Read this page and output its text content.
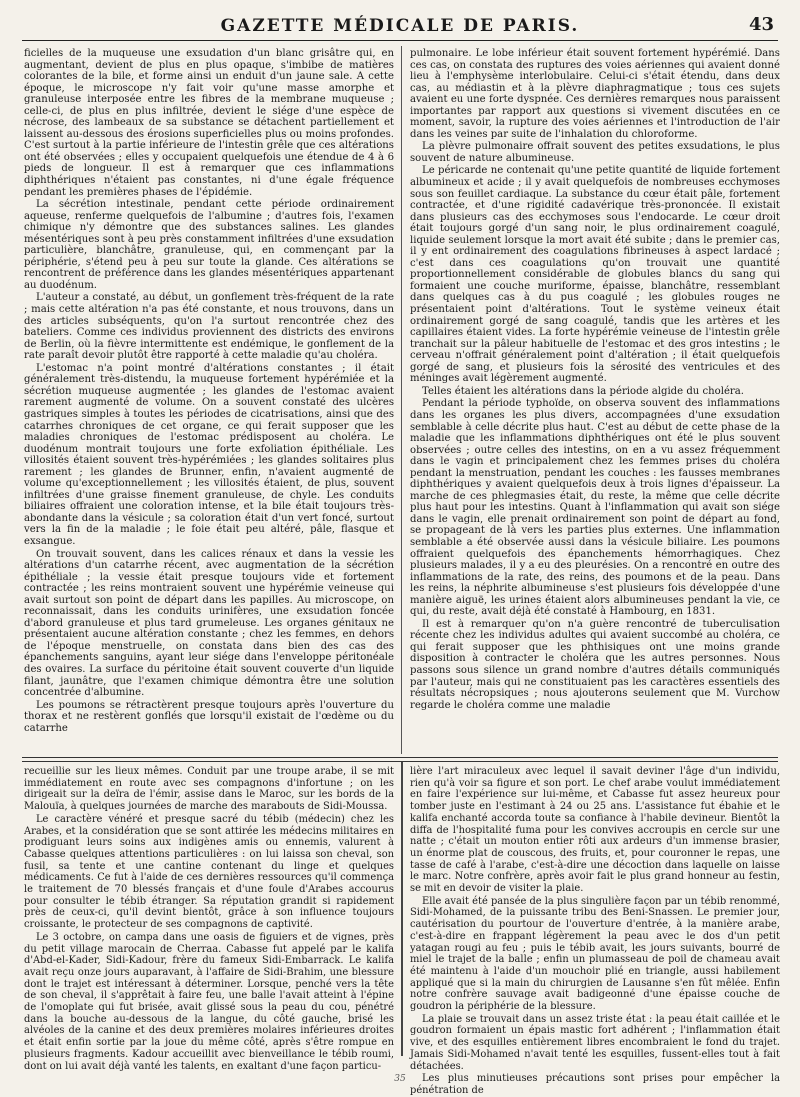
GAZETTE MÉDICALE DE PARIS.	43

ficielles de la muqueuse une exsudation d'un blanc grisâtre qui, en augmentant, devient de plus en plus opaque, s'imbibe de matières colorantes de la bile, et forme ainsi un enduit d'un jaune sale. A cette époque, le microscope n'y fait voir qu'une masse amorphe et granuleuse interposée entre les fibres de la membrane muqueuse ; celle-ci, de plus en plus infiltrée, devient le siége d'une espèce de nécrose, des lambeaux de sa substance se détachent partiellement et laissent au-dessous des érosions superficielles plus ou moins profondes. C'est surtout à la partie inférieure de l'intestin grêle que ces altérations ont été observées ; elles y occupaient quelquefois une étendue de 4 à 6 pieds de longueur. Il est à remarquer que ces inflammations diphthériques n'étaient pas constantes, ni d'une égale fréquence pendant les premières phases de l'épidémie.

La sécrétion intestinale, pendant cette période ordinairement aqueuse, renferme quelquefois de l'albumine ; d'autres fois, l'examen chimique n'y démontre que des substances salines. Les glandes mésentériques sont à peu près constamment infiltrées d'une exsudation particulière, blanchâtre, granuleuse, qui, en commençant par la périphérie, s'étend peu à peu sur toute la glande. Ces altérations se rencontrent de préférence dans les glandes mésentériques appartenant au duodénum.

L'auteur a constaté, au début, un gonflement très-fréquent de la rate ; mais cette altération n'a pas été constante, et nous trouvons, dans un des articles subséquents, qu'on l'a surtout rencontrée chez des bateliers. Comme ces individus proviennent des districts des environs de Berlin, où la fièvre intermittente est endémique, le gonflement de la rate paraît devoir plutôt être rapporté à cette maladie qu'au choléra.

L'estomac n'a point montré d'altérations constantes ; il était généralement très-distendu, la muqueuse fortement hypérémiée et la sécrétion muqueuse augmentée ; les glandes de l'estomac avaient rarement augmenté de volume. On a souvent constaté des ulcères gastriques simples à toutes les périodes de cicatrisations, ainsi que des catarrhes chroniques de cet organe, ce qui ferait supposer que les maladies chroniques de l'estomac prédisposent au choléra. Le duodénum montrait toujours une forte exfoliation épithéliale. Les villosités étaient souvent très-hypérémiées ; les glandes solitaires plus rarement ; les glandes de Brunner, enfin, n'avaient augmenté de volume qu'exceptionnellement ; les villosités étaient, de plus, souvent infiltrées d'une graisse finement granuleuse, de chyle. Les conduits biliaires offraient une coloration intense, et la bile était toujours très-abondante dans la vésicule ; sa coloration était d'un vert foncé, surtout vers la fin de la maladie ; le foie était peu altéré, pâle, flasque et exsangue.

On trouvait souvent, dans les calices rénaux et dans la vessie les altérations d'un catarrhe récent, avec augmentation de la sécrétion épithéliale ; la vessie était presque toujours vide et fortement contractée ; les reins montraient souvent une hypérémie veineuse qui avait surtout son point de départ dans les papilles. Au microscope, on reconnaissait, dans les conduits urinifères, une exsudation foncée d'abord granuleuse et plus tard grumeleuse. Les organes génitaux ne présentaient aucune altération constante ; chez les femmes, en dehors de l'époque menstruelle, on constata dans bien des cas des épanchements sanguins, ayant leur siége dans l'enveloppe péritonéale des ovaires. La surface du péritoine était souvent couverte d'un liquide filant, jaunâtre, que l'examen chimique démontra être une solution concentrée d'albumine.

Les poumons se rétractèrent presque toujours après l'ouverture du thorax et ne restèrent gonflés que lorsqu'il existait de l'œdème ou du catarrhe

pulmonaire. Le lobe inférieur était souvent fortement hypérémié. Dans ces cas, on constata des ruptures des voies aériennes qui avaient donné lieu à l'emphysème interlobulaire. Celui-ci s'était étendu, dans deux cas, au médiastin et à la plèvre diaphragmatique ; tous ces sujets avaient eu une forte dyspnée. Ces dernières remarques nous paraissent importantes par rapport aux questions si vivement discutées en ce moment, savoir, la rupture des voies aériennes et l'introduction de l'air dans les veines par suite de l'inhalation du chloroforme.

La plèvre pulmonaire offrait souvent des petites exsudations, le plus souvent de nature albumineuse.

Le péricarde ne contenait qu'une petite quantité de liquide fortement albumineux et acide ; il y avait quelquefois de nombreuses ecchymoses sous son feuillet cardiaque. La substance du cœur était pâle, fortement contractée, et d'une rigidité cadavérique très-prononcée. Il existait dans plusieurs cas des ecchymoses sous l'endocarde. Le cœur droit était toujours gorgé d'un sang noir, le plus ordinairement coagulé, liquide seulement lorsque la mort avait été subite ; dans le premier cas, il y ent ordinairement des coagulations fibrineuses à aspect lardacé ; c'est dans ces coagulations qu'on trouvait une quantité proportionnellement considérable de globules blancs du sang qui formaient une couche muriforme, épaisse, blanchâtre, ressemblant dans quelques cas à du pus coagulé ; les globules rouges ne présentaient point d'altérations. Tout le système veineux était ordinairement gorgé de sang coagulé, tandis que les artères et les capillaires étaient vides. La forte hypérémie veineuse de l'intestin grêle tranchait sur la pâleur habituelle de l'estomac et des gros intestins ; le cerveau n'offrait généralement point d'altération ; il était quelquefois gorgé de sang, et plusieurs fois la sérosité des ventricules et des méninges avait légèrement augmenté.

Telles étaient les altérations dans la période algide du choléra.

Pendant la période typhoïde, on observa souvent des inflammations dans les organes les plus divers, accompagnées d'une exsudation semblable à celle décrite plus haut. C'est au début de cette phase de la maladie que les inflammations diphthériques ont été le plus souvent observées ; outre celles des intestins, on en a vu assez fréquemment dans le vagin et principalement chez les femmes prises du choléra pendant la menstruation, pendant les couches : les fausses membranes diphthériques y avaient quelquefois deux à trois lignes d'épaisseur. La marche de ces phlegmasies était, du reste, la même que celle décrite plus haut pour les intestins. Quant à l'inflammation qui avait son siége dans le vagin, elle prenait ordinairement son point de départ au fond, se propageant de là vers les parties plus externes. Une inflammation semblable a été observée aussi dans la vésicule biliaire. Les poumons offraient quelquefois des épanchements hémorrhagiques. Chez plusieurs malades, il y a eu des pleurésies. On a rencontré en outre des inflammations de la rate, des reins, des poumons et de la peau. Dans les reins, la néphrite albumineuse s'est plusieurs fois développée d'une manière aiguë, les urines étaient alors albumineuses pendant la vie, ce qui, du reste, avait déjà été constaté à Hambourg, en 1831.

Il est à remarquer qu'on n'a guère rencontré de tuberculisation récente chez les individus adultes qui avaient succombé au choléra, ce qui ferait supposer que les phthisiques ont une moins grande disposition à contracter le choléra que les autres personnes. Nous passons sous silence un grand nombre d'autres détails communiqués par l'auteur, mais qui ne constituaient pas les caractères essentiels des résultats nécropsiques ; nous ajouterons seulement que M. Vurchow regarde le choléra comme une maladie

recueillie sur les lieux mêmes. Conduit par une troupe arabe, il se mit immédiatement en route avec ses compagnons d'infortune ; on les dirigeait sur la deïra de l'émir, assise dans le Maroc, sur les bords de la Malouïa, à quelques journées de marche des marabouts de Sidi-Moussa.

Le caractère vénéré et presque sacré du tébib (médecin) chez les Arabes, et la considération que se sont attirée les médecins militaires en prodiguant leurs soins aux indigènes amis ou ennemis, valurent à Cabasse quelques attentions particulières : on lui laissa son cheval, son fusil, sa tente et une cantine contenant du linge et quelques médicaments. Ce fut à l'aide de ces dernières ressources qu'il commença le traitement de 70 blessés français et d'une foule d'Arabes accourus pour consulter le tébib étranger. Sa réputation grandit si rapidement près de ceux-ci, qu'il devint bientôt, grâce à son influence toujours croissante, le protecteur de ses compagnons de captivité.

Le 3 octobre, on campa dans une oasis de figuiers et de vignes, près du petit village marocain de Cherraa. Cabasse fut appelé par le kalifa d'Abd-el-Kader, Sidi-Kadour, frère du fameux Sidi-Embarrack. Le kalifa avait reçu onze jours auparavant, à l'affaire de Sidi-Brahim, une blessure dont le trajet est intéressant à déterminer. Lorsque, penché vers la tête de son cheval, il s'apprêtait à faire feu, une balle l'avait atteint à l'épine de l'omoplate qui fut brisée, avait glissé sous la peau du cou, pénétré dans la bouche au-dessous de la langue, du côté gauche, brisé les alvéoles de la canine et des deux premières molaires inférieures droites et était enfin sortie par la joue du même côté, après s'être rompue en plusieurs fragments. Kadour accueillit avec bienveillance le tébib roumi, dont on lui avait déjà vanté les talents, en exaltant d'une façon particu-

lière l'art miraculeux avec lequel il savait deviner l'âge d'un individu, rien qu'à voir sa figure et son port. Le chef arabe voulut immédiatement en faire l'expérience sur lui-même, et Cabasse fut assez heureux pour tomber juste en l'estimant à 24 ou 25 ans. L'assistance fut ébahie et le kalifa enchanté accorda toute sa confiance à l'habile devineur. Bientôt la diffa de l'hospitalité fuma pour les convives accroupis en cercle sur une natte ; c'était un mouton entier rôti aux ardeurs d'un immense brasier, un énorme plat de couscous, des fruits, et, pour couronner le repas, une tasse de café à l'arabe, c'est-à-dire une décoction dans laquelle on laisse le marc. Notre confrère, après avoir fait le plus grand honneur au festin, se mit en devoir de visiter la plaie.

Elle avait été pansée de la plus singulière façon par un tébib renommé, Sidi-Mohamed, de la puissante tribu des Beni-Snassen. Le premier jour, cautérisation du pourtour de l'ouverture d'entrée, à la manière arabe, c'est-à-dire en frappant légèrement la peau avec le dos d'un petit yatagan rougi au feu ; puis le tébib avait, les jours suivants, bourré de miel le trajet de la balle ; enfin un plumasseau de poil de chameau avait été maintenu à l'aide d'un mouchoir plié en triangle, aussi habilement appliqué que si la main du chirurgien de Lausanne s'en fût mêlée. Enfin notre confrère sauvage avait badigeonné d'une épaisse couche de goudron la périphérie de la blessure.

La plaie se trouvait dans un assez triste état : la peau était caillée et le goudron formaient un épais mastic fort adhérent ; l'inflammation était vive, et des esquilles entièrement libres encombraient le fond du trajet. Jamais Sidi-Mohamed n'avait tenté les esquilles, fussent-elles tout à fait détachées.

Les plus minutieuses précautions sont prises pour empêcher la pénétration de

35
